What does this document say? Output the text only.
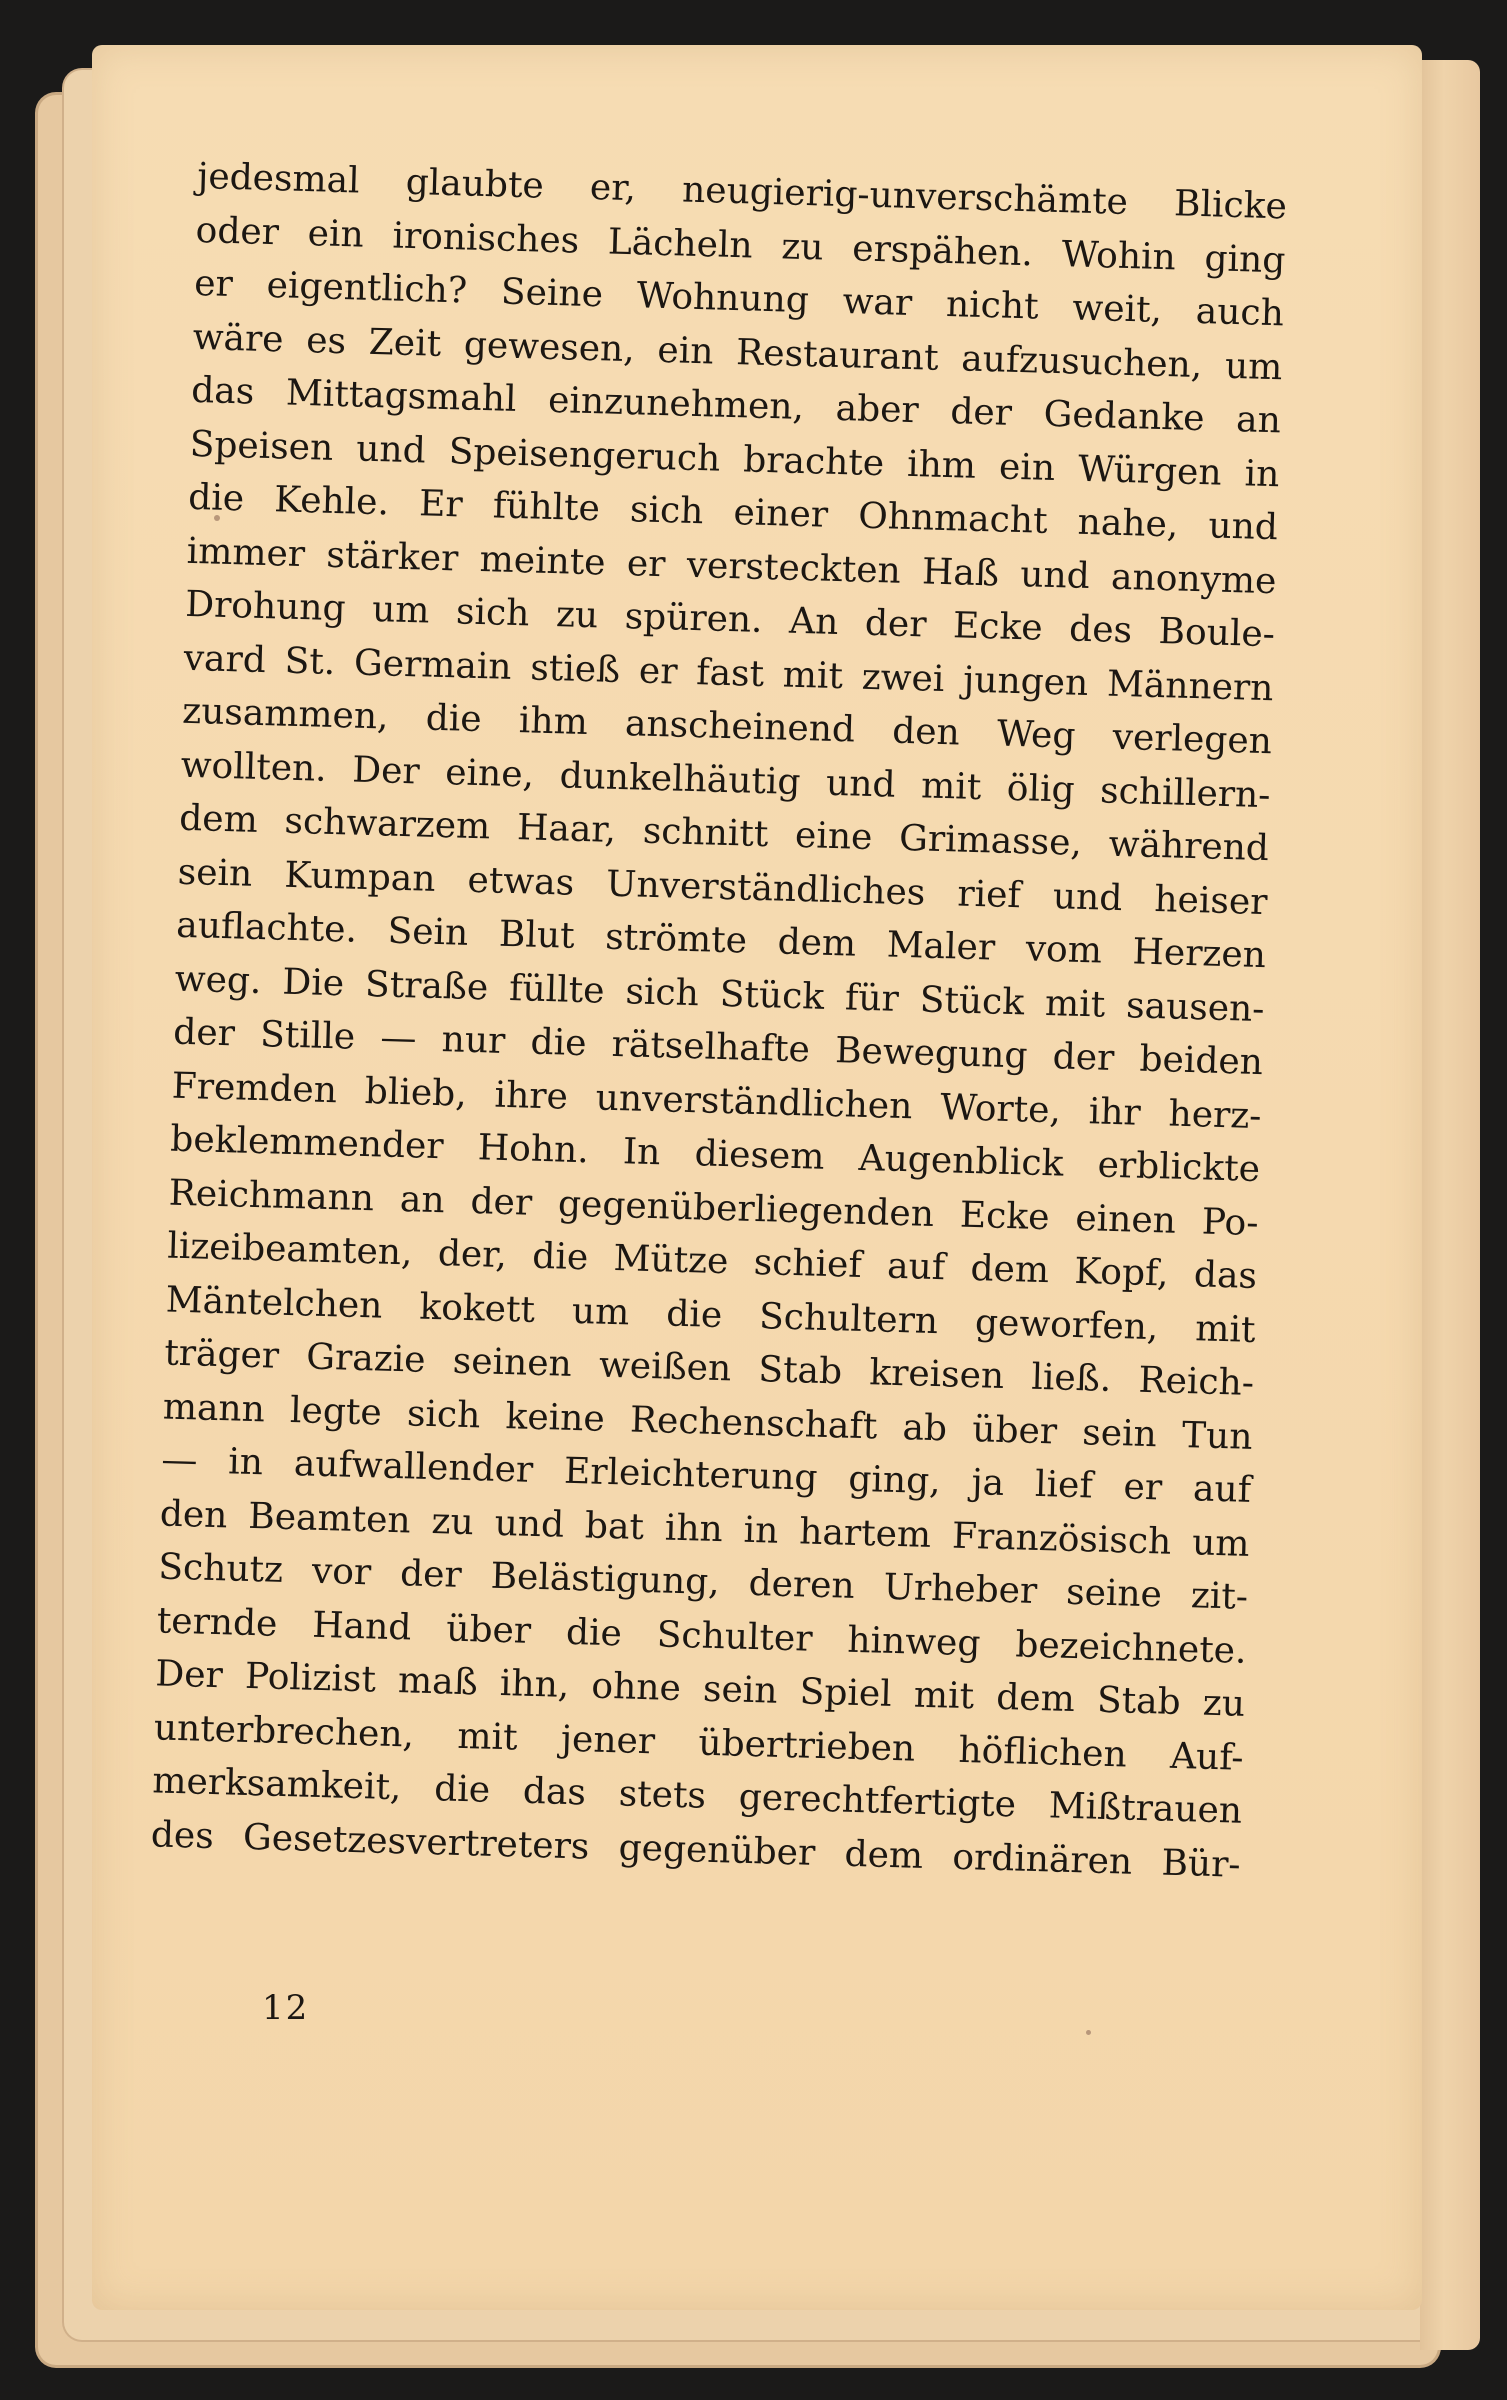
jedesmal glaubte er, neugierig-unverschämte Blicke
oder ein ironisches Lächeln zu erspähen. Wohin ging
er eigentlich? Seine Wohnung war nicht weit, auch
wäre es Zeit gewesen, ein Restaurant aufzusuchen, um
das Mittagsmahl einzunehmen, aber der Gedanke an
Speisen und Speisengeruch brachte ihm ein Würgen in
die Kehle. Er fühlte sich einer Ohnmacht nahe, und
immer stärker meinte er versteckten Haß und anonyme
Drohung um sich zu spüren. An der Ecke des Boule-
vard St. Germain stieß er fast mit zwei jungen Männern
zusammen, die ihm anscheinend den Weg verlegen
wollten. Der eine, dunkelhäutig und mit ölig schillern-
dem schwarzem Haar, schnitt eine Grimasse, während
sein Kumpan etwas Unverständliches rief und heiser
auflachte. Sein Blut strömte dem Maler vom Herzen
weg. Die Straße füllte sich Stück für Stück mit sausen-
der Stille — nur die rätselhafte Bewegung der beiden
Fremden blieb, ihre unverständlichen Worte, ihr herz-
beklemmender Hohn. In diesem Augenblick erblickte
Reichmann an der gegenüberliegenden Ecke einen Po-
lizeibeamten, der, die Mütze schief auf dem Kopf, das
Mäntelchen kokett um die Schultern geworfen, mit
träger Grazie seinen weißen Stab kreisen ließ. Reich-
mann legte sich keine Rechenschaft ab über sein Tun
— in aufwallender Erleichterung ging, ja lief er auf
den Beamten zu und bat ihn in hartem Französisch um
Schutz vor der Belästigung, deren Urheber seine zit-
ternde Hand über die Schulter hinweg bezeichnete.
Der Polizist maß ihn, ohne sein Spiel mit dem Stab zu
unterbrechen, mit jener übertrieben höflichen Auf-
merksamkeit, die das stets gerechtfertigte Mißtrauen
des Gesetzesvertreters gegenüber dem ordinären Bür-
12
